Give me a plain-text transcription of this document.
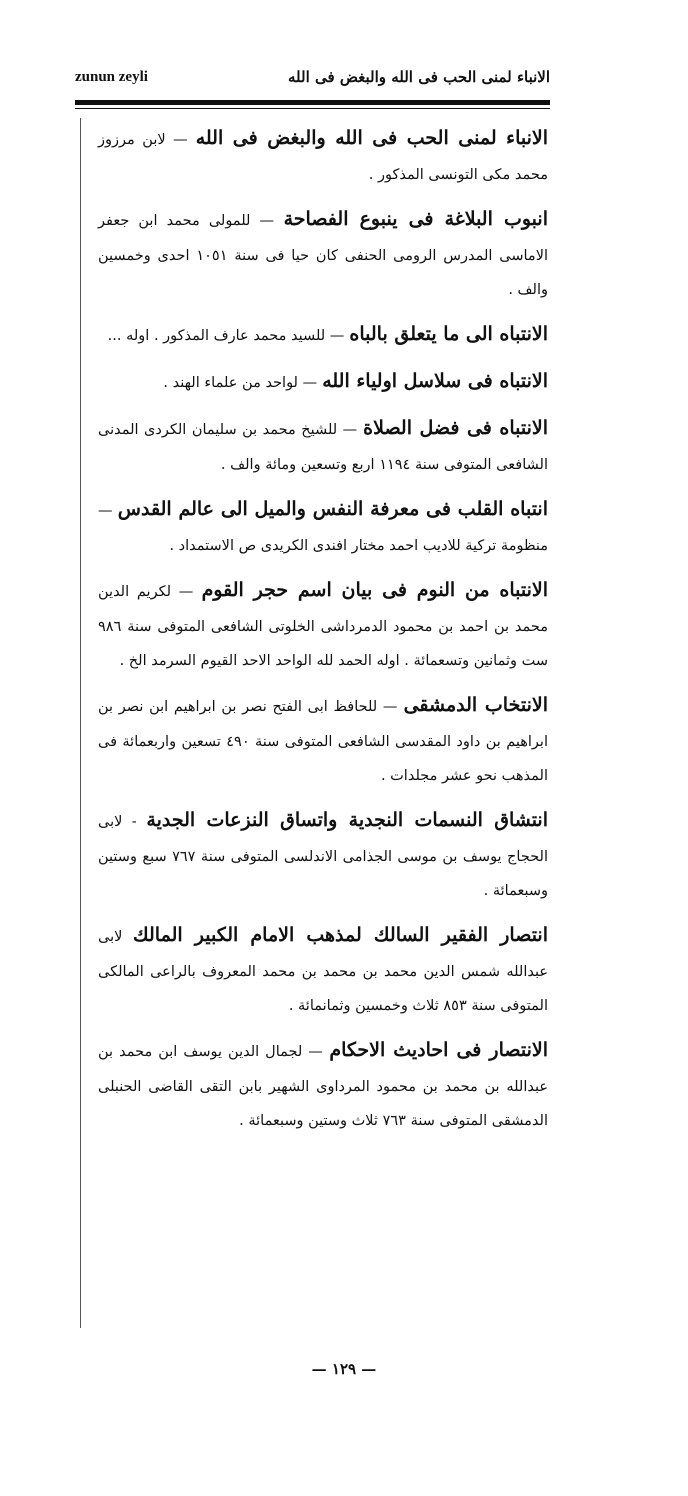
zunun zeyli	الانباء لمنى الحب فى الله والبغض فى الله
الانباء لمنى الحب فى الله والبغض فى الله — لابن مرزوز محمد مكى التونسى المذكور .
انبوب البلاغة فى ينبوع الفصاحة — للمولى محمد ابن جعفر الاماسى المدرس الرومى الحنفى كان حيا فى سنة ١٠٥١ احدى وخمسين والف .
الانتباه الى ما يتعلق بالباه — للسيد محمد عارف المذكور . اوله ...
الانتباه فى سلاسل اولياء الله — لواحد من علماء الهند .
الانتباه فى فضل الصلاة — للشيخ محمد بن سليمان الكردى المدنى الشافعى المتوفى سنة ١١٩٤ اربع وتسعين ومائة والف .
انتباه القلب فى معرفة النفس والميل الى عالم القدس — منظومة تركية للاديب احمد مختار افندى الكريدى ص الاستمداد .
الانتباه من النوم فى بيان اسم حجر القوم — لكريم الدين محمد بن احمد بن محمود الدمرداشى الخلوتى الشافعى المتوفى سنة ٩٨٦ ست وثمانين وتسعمائة . اوله الحمد لله الواحد الاحد القيوم السرمد الخ .
الانتخاب الدمشقى — للحافظ ابى الفتح نصر بن ابراهيم ابن نصر بن ابراهيم بن داود المقدسى الشافعى المتوفى سنة ٤٩٠ تسعين واربعمائة فى المذهب نحو عشر مجلدات .
انتشاق النسمات النجدية واتساق النزعات الجدية - لابى الحجاج يوسف بن موسى الجذامى الاندلسى المتوفى سنة ٧٦٧ سبع وستين وسبعمائة .
انتصار الفقير السالك لمذهب الامام الكبير المالك لابى عبدالله شمس الدين محمد بن محمد بن محمد المعروف بالراعى المالكى المتوفى سنة ٨٥٣ ثلاث وخمسين وثمانمائة .
الانتصار فى احاديث الاحكام — لجمال الدين يوسف ابن محمد بن عبدالله بن محمد بن محمود المرداوى الشهير بابن التقى القاضى الحنبلى الدمشقى المتوفى سنة ٧٦٣ ثلاث وستين وسبعمائة .
— ١٢٩ —
